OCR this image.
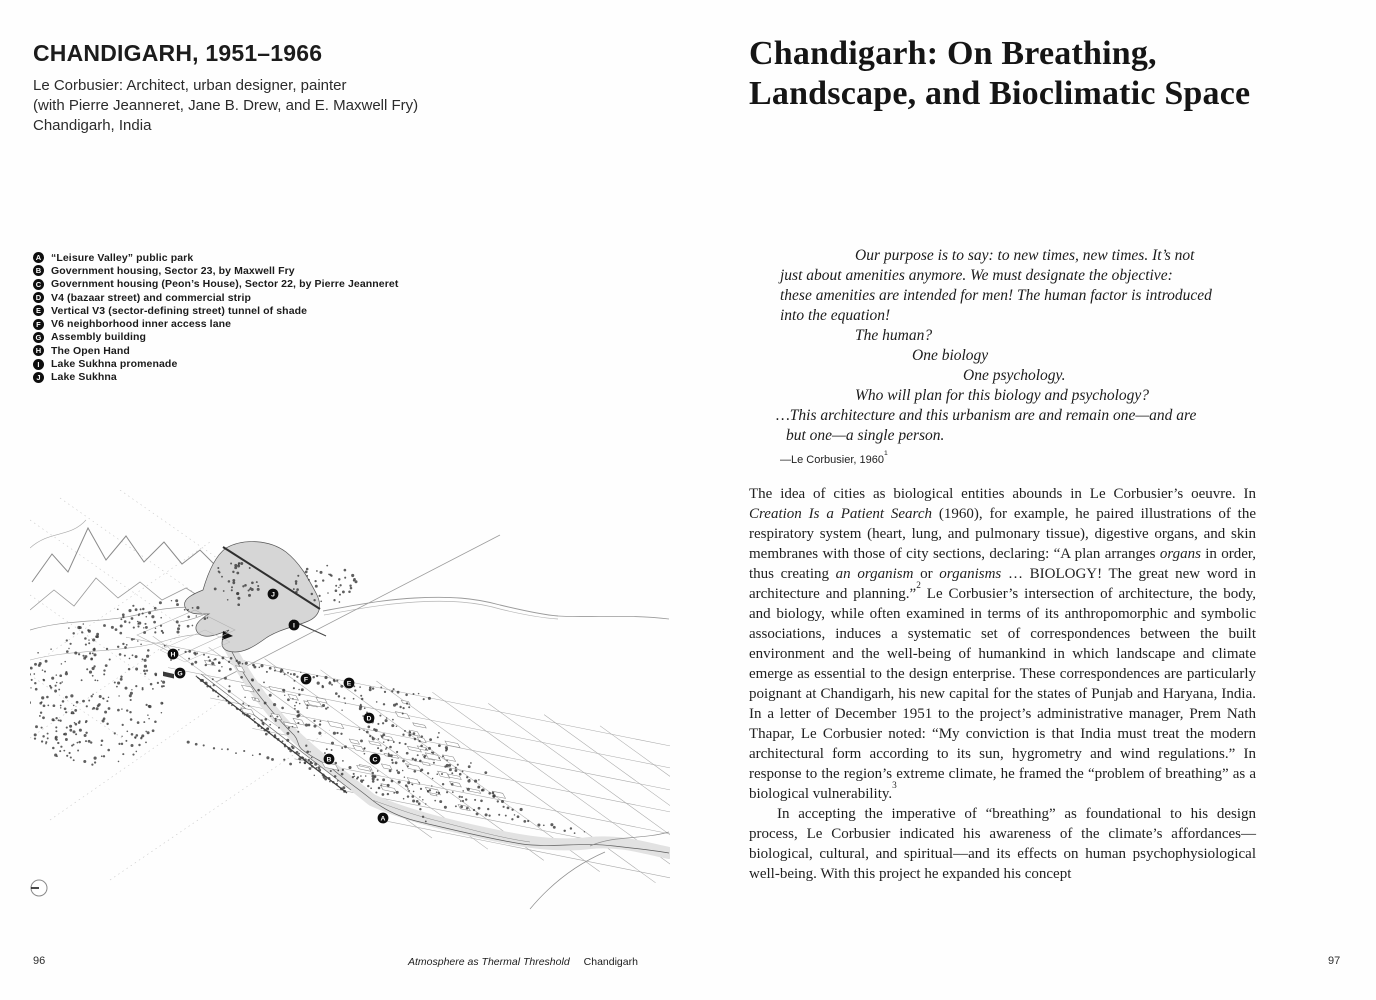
CHANDIGARH, 1951–1966
Le Corbusier: Architect, urban designer, painter
(with Pierre Jeanneret, Jane B. Drew, and E. Maxwell Fry)
Chandigarh, India
A “Leisure Valley” public park
B Government housing, Sector 23, by Maxwell Fry
C Government housing (Peon’s House), Sector 22, by Pierre Jeanneret
D V4 (bazaar street) and commercial strip
E Vertical V3 (sector-defining street) tunnel of shade
F V6 neighborhood inner access lane
G Assembly building
H The Open Hand
I	Lake Sukhna promenade
J Lake Sukhna
J
I
H
G
F
E
D
B	C
A
96	Atmosphere as Thermal Threshold Chandigarh
Chandigarh: On Breathing,
Landscape, and Bioclimatic Space
Our purpose is to say: to new times, new times. It’s not
just about amenities anymore. We must designate the objective:
these amenities are intended for men! The human factor is introduced
into the equation!
The human?
One biology
One psychology.
Who will plan for this biology and psychology?
…This architecture and this urbanism are and remain one—and are
but one—a single person.
—Le Corbusier, 1960$^1$

The idea of cities as biological entities abounds in Le Corbusier’s oeuvre. In Creation Is a Patient Search (1960), for example, he paired illustrations of the respiratory system (heart, lung, and pulmonary tissue), digestive organs, and skin membranes with those of city sections, declaring: “A plan arranges organs in order, thus creating an organism or organisms … BIOLOGY! The great new word in architecture and planning.”$^2$ Le Corbusier’s intersection of architecture, the body, and biology, while often examined in terms of its anthropomorphic and symbolic associations, induces a systematic set of correspondences between the built environment and the well-being of humankind in which landscape and climate emerge as essential to the design enterprise. These correspondences are particularly poignant at Chandigarh, his new capital for the states of Punjab and Haryana, India. In a letter of December 1951 to the project’s administrative manager, Prem Nath Thapar, Le Corbusier noted: “My conviction is that India must treat the modern architectural form according to its sun, hygrometry and wind regulations.” In response to the region’s extreme climate, he framed the “problem of breathing” as a biological vulnerability.$^3$

In accepting the imperative of “breathing” as foundational to his design process, Le Corbusier indicated his awareness of the climate’s affordances—biological, cultural, and spiritual—and its effects on human psychophysiological well-being. With this project he expanded his concept

97
